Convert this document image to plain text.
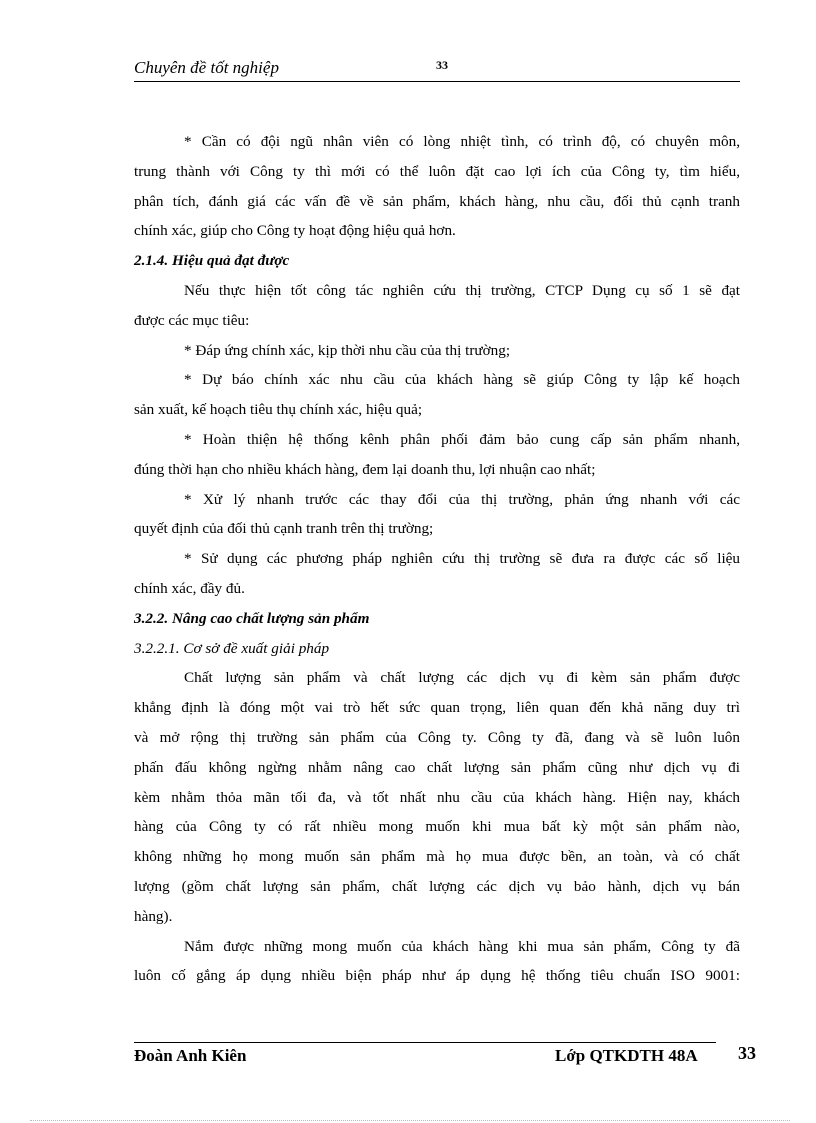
Chuyên đề tốt nghiệp	33
* Cần có đội ngũ nhân viên có lòng nhiệt tình, có trình độ, có chuyên môn,
trung thành với Công ty thì mới có thể luôn đặt cao lợi ích của Công ty, tìm hiểu,
phân tích, đánh giá các vấn đề về sản phẩm, khách hàng, nhu cầu, đối thủ cạnh tranh
chính xác, giúp cho Công ty hoạt động hiệu quả hơn.
2.1.4. Hiệu quả đạt được
Nếu thực hiện tốt công tác nghiên cứu thị trường, CTCP Dụng cụ số 1 sẽ đạt
được các mục tiêu:
* Đáp ứng chính xác, kịp thời nhu cầu của thị trường;
* Dự báo chính xác nhu cầu của khách hàng sẽ giúp Công ty lập kế hoạch
sản xuất, kế hoạch tiêu thụ chính xác, hiệu quả;
* Hoàn thiện hệ thống kênh phân phối đảm bảo cung cấp sản phẩm nhanh,
đúng thời hạn cho nhiều khách hàng, đem lại doanh thu, lợi nhuận cao nhất;
* Xử lý nhanh trước các thay đổi của thị trường, phản ứng nhanh với các
quyết định của đối thủ cạnh tranh trên thị trường;
* Sử dụng các phương pháp nghiên cứu thị trường sẽ đưa ra được các số liệu
chính xác, đầy đủ.
3.2.2. Nâng cao chất lượng sản phẩm
3.2.2.1. Cơ sở đề xuất giải pháp
Chất lượng sản phẩm và chất lượng các dịch vụ đi kèm sản phẩm được
khẳng định là đóng một vai trò hết sức quan trọng, liên quan đến khả năng duy trì
và mở rộng thị trường sản phẩm của Công ty. Công ty đã, đang và sẽ luôn luôn
phấn đấu không ngừng nhằm nâng cao chất lượng sản phẩm cũng như dịch vụ đi
kèm nhằm thỏa mãn tối đa, và tốt nhất nhu cầu của khách hàng. Hiện nay, khách
hàng của Công ty có rất nhiều mong muốn khi mua bất kỳ một sản phẩm nào,
không những họ mong muốn sản phẩm mà họ mua được bền, an toàn, và có chất
lượng (gồm chất lượng sản phẩm, chất lượng các dịch vụ bảo hành, dịch vụ bán
hàng).
Nắm được những mong muốn của khách hàng khi mua sản phẩm, Công ty đã
luôn cố gắng áp dụng nhiều biện pháp như áp dụng hệ thống tiêu chuẩn ISO 9001:
Đoàn Anh Kiên	Lớp QTKDTH 48A 33
